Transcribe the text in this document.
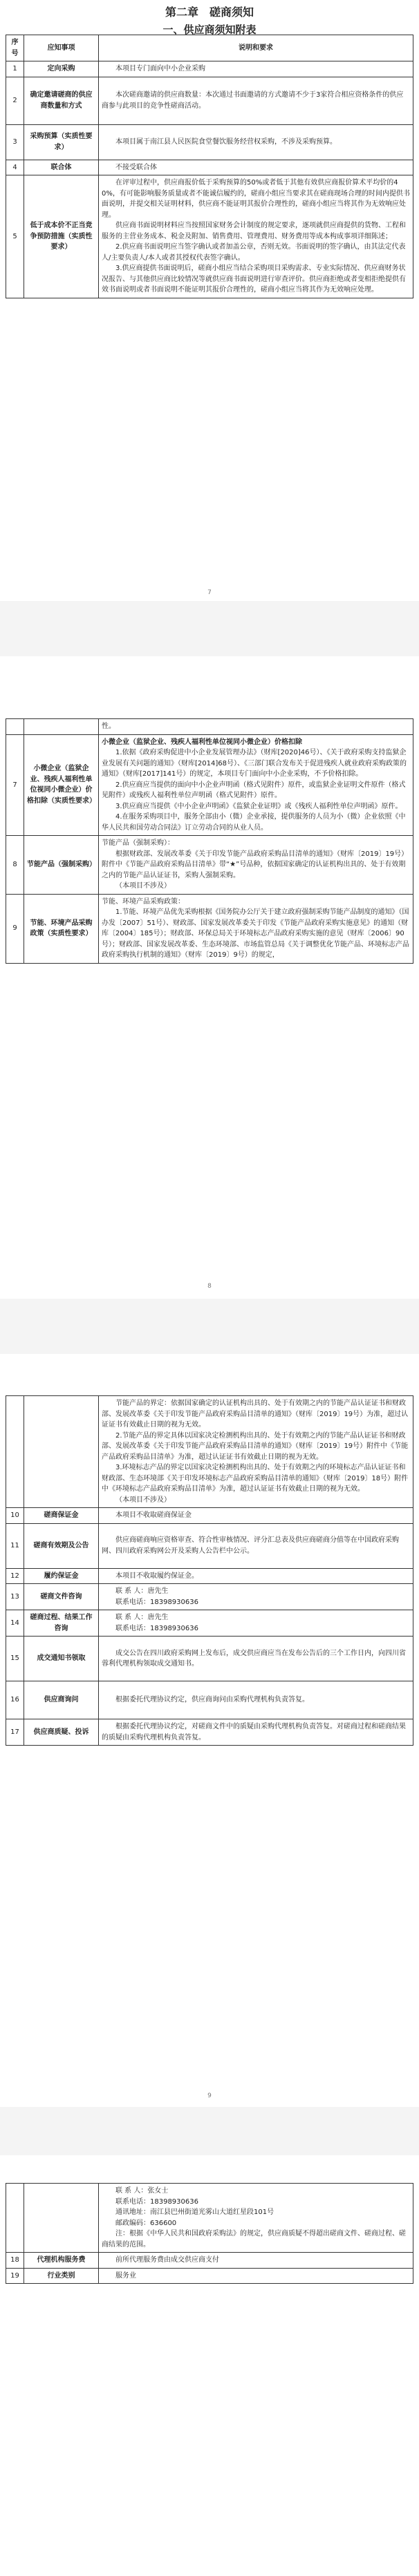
第二章　磋商须知
一、供应商须知附表
序号	应知事项	说明和要求
1	定向采购	本项目专门面向中小企业采购

2	确定邀请磋商的供应商数量和方式	本次磋商邀请的供应商数量：本次通过书面邀请的方式邀请不少于3家符合相应资格条件的供应商参与此项目的竞争性磋商活动。

3	采购预算（实质性要求）	本项目属于南江县人民医院食堂餐饮服务经营权采购，不涉及采购预算。

4	联合体	不接受联合体

5	低于成本价不正当竞争预防措施（实质性要求）	在评审过程中，供应商报价低于采购预算的50%或者低于其他有效供应商报价算术平均价的40%，有可能影响服务质量或者不能诚信履约的，磋商小组应当要求其在磋商现场合理的时间内提供书面说明，并提交相关证明材料，供应商不能证明其报价合理性的，磋商小组应当将其作为无效响应处理。

供应商书面说明材料应当按照国家财务会计制度的规定要求，逐项就供应商提供的货物、工程和服务的主营业务成本、税金及附加、销售费用、管理费用、财务费用等成本构成事项详细陈述；

2.供应商书面说明应当签字确认或者加盖公章，否则无效。书面说明的签字确认，由其法定代表人/主要负责人/本人或者其授权代表签字确认。

3.供应商提供书面说明后，磋商小组应当结合采购项目采购需求、专业实际情况、供应商财务状况报告、与其他供应商比较情况等就供应商书面说明进行审查评价。供应商拒绝或者变相拒绝提供有效书面说明或者书面说明不能证明其报价合理性的，磋商小组应当将其作为无效响应处理。

7

		性。

7	小微企业（监狱企业、残疾人福利性单位视同小微企业）价格扣除（实质性要求）	小微企业（监狱企业、残疾人福利性单位视同小微企业）价格扣除

1.依据《政府采购促进中小企业发展管理办法》（财库[2020]46号）、《关于政府采购支持监狱企业发展有关问题的通知》（财库[2014]68号）、《三部门联合发布关于促进残疾人就业政府采购政策的通知》（财库[2017]141号）的规定，本项目专门面向中小企业采购，不予价格扣除。

2.供应商应当提供的面向中小企业声明函（格式见附件）原件，或监狱企业证明文件原件（格式见附件）或残疾人福利性单位声明函（格式见附件）原件。

3.供应商应当提供《中小企业声明函》《监狱企业证明》或《残疾人福利性单位声明函》原件。

4.在服务采购项目中，服务全部由小（微）企业承接，提供服务的人员为小（微）企业依照《中华人民共和国劳动合同法》订立劳动合同的从业人员。

8	节能产品（强制采购）	节能产品（强制采购）：

根据财政部、发展改革委《关于印发节能产品政府采购品目清单的通知》（财库〔2019〕19号）附件中《节能产品政府采购品目清单》带“★”号品种，依据国家确定的认证机构出具的、处于有效期之内的节能产品认证证书，采购人强制采购。

（本项目不涉及）

9	节能、环境产品采购政策（实质性要求）	节能、环境产品采购政策：

1.节能、环境产品优先采购根据《国务院办公厅关于建立政府强制采购节能产品制度的通知》（国办发〔2007〕51号）、财政部、国家发展改革委关于印发《节能产品政府采购实施意见》的通知（财库〔2004〕185号）；财政部、环保总局关于环境标志产品政府采购实施的意见（财库〔2006〕90号）；财政部、国家发展改革委、生态环境部、市场监管总局《关于调整优化节能产品、环境标志产品政府采购执行机制的通知》（财库〔2019〕9号）的规定，

8

		节能产品的界定：依据国家确定的认证机构出具的、处于有效期之内的节能产品认证证书和财政部、发展改革委《关于印发节能产品政府采购品目清单的通知》（财库〔2019〕19号）为准，超过认证证书有效截止日期的视为无效。

2.节能产品的界定具体以国家决定检测机构出具的、处于有效期之内的节能产品认证证书和财政部、发展改革委《关于印发节能产品政府采购品目清单的通知》（财库〔2019〕19号）附件中《节能产品政府采购品目清单》为准，超过认证证书有效截止日期的视为无效。

3.环境标志产品的界定以国家决定检测机构出具的、处于有效期之内的环境标志产品认证证书和财政部、生态环境部《关于印发环境标志产品政府采购品目清单的通知》（财库〔2019〕18号）附件中《环境标志产品政府采购品目清单》为准，超过认证证书有效截止日期的视为无效。

（本项目不涉及）

10	磋商保证金	本项目不收取磋商保证金

11	磋商有效期及公告	供应商磋商响应资格审查、符合性审核情况、评分汇总表及供应商磋商分值等在中国政府采购网、四川政府采购网公开及采购人公告栏中公示。

12	履约保证金	本项目不收取履约保证金。

13	磋商文件咨询	联 系 人：唐先生

联系电话：18398930636

14	磋商过程、结果工作咨询	联 系 人：唐先生

联系电话：18398930636

15	成交通知书领取	成交公告在四川政府采购网上发布后，成交供应商应当在发布公告后的三个工作日内，向四川省蓉利代理机构领取成交通知书。

16	供应商询问	根据委托代理协议约定，供应商询问由采购代理机构负责答复。

17	供应商质疑、投诉	根据委托代理协议约定，对磋商文件中的质疑由采购代理机构负责答复。对磋商过程和磋商结果的质疑由采购代理机构负责答复。

9

		联 系 人：张女士

联系电话：18398930636

通讯地址：南江县巴州街道光雾山大道红星段101号

邮政编码：636600

注：根据《中华人民共和国政府采购法》的规定，供应商质疑不得超出磋商文件、磋商过程、磋商结果的范围。

18	代理机构服务费	前所代理服务费由成交供应商支付

19	行业类别	服务业
